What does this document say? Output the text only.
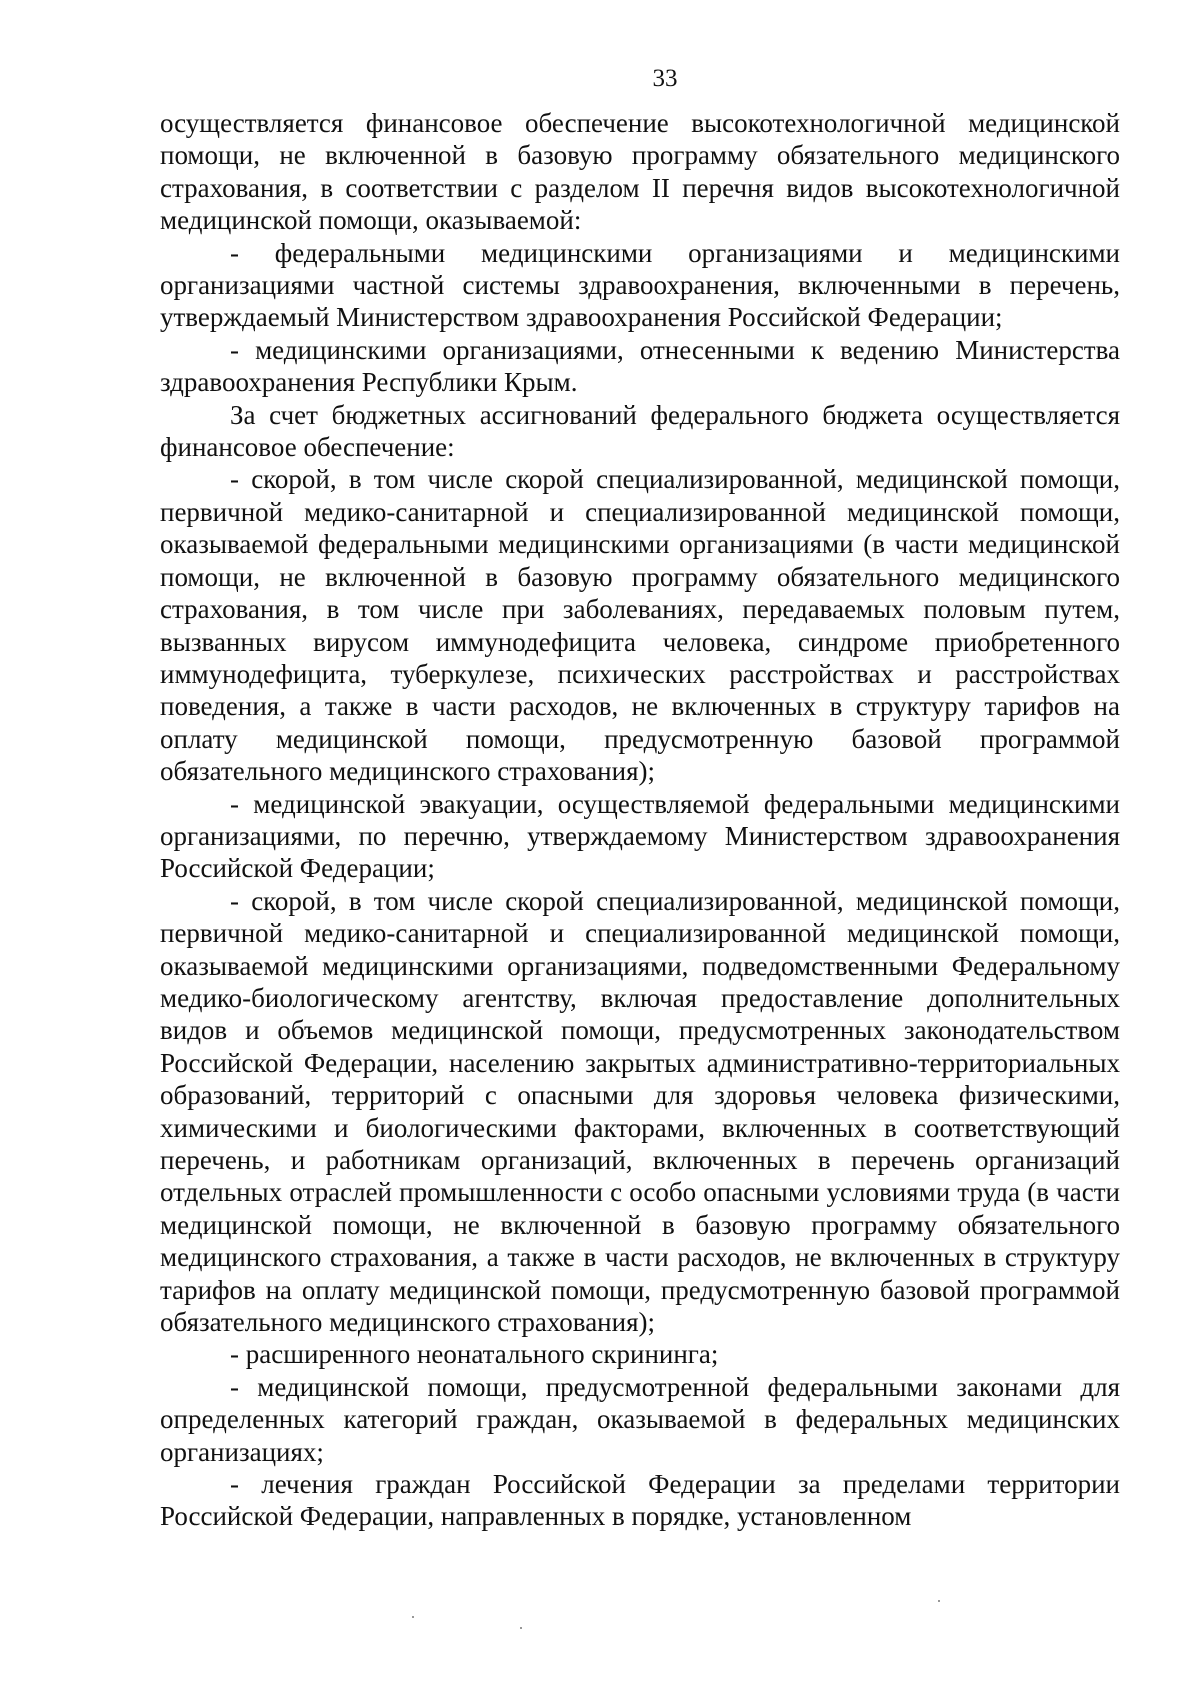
33

осуществляется финансовое обеспечение высокотехнологичной медицинской помощи, не включенной в базовую программу обязательного медицинского страхования, в соответствии с разделом II перечня видов высокотехнологичной медицинской помощи, оказываемой:

- федеральными медицинскими организациями и медицинскими организациями частной системы здравоохранения, включенными в перечень, утверждаемый Министерством здравоохранения Российской Федерации;

- медицинскими организациями, отнесенными к ведению Министерства здравоохранения Республики Крым.

За счет бюджетных ассигнований федерального бюджета осуществляется финансовое обеспечение:

- скорой, в том числе скорой специализированной, медицинской помощи, первичной медико-санитарной и специализированной медицинской помощи, оказываемой федеральными медицинскими организациями (в части медицинской помощи, не включенной в базовую программу обязательного медицинского страхования, в том числе при заболеваниях, передаваемых половым путем, вызванных вирусом иммунодефицита человека, синдроме приобретенного иммунодефицита, туберкулезе, психических расстройствах и расстройствах поведения, а также в части расходов, не включенных в структуру тарифов на оплату медицинской помощи, предусмотренную базовой программой обязательного медицинского страхования);

- медицинской эвакуации, осуществляемой федеральными медицинскими организациями, по перечню, утверждаемому Министерством здравоохранения Российской Федерации;

- скорой, в том числе скорой специализированной, медицинской помощи, первичной медико-санитарной и специализированной медицинской помощи, оказываемой медицинскими организациями, подведомственными Федеральному медико-биологическому агентству, включая предоставление дополнительных видов и объемов медицинской помощи, предусмотренных законодательством Российской Федерации, населению закрытых административно-территориальных образований, территорий с опасными для здоровья человека физическими, химическими и биологическими факторами, включенных в соответствующий перечень, и работникам организаций, включенных в перечень организаций отдельных отраслей промышленности с особо опасными условиями труда (в части медицинской помощи, не включенной в базовую программу обязательного медицинского страхования, а также в части расходов, не включенных в структуру тарифов на оплату медицинской помощи, предусмотренную базовой программой обязательного медицинского страхования);

- расширенного неонатального скрининга;

- медицинской помощи, предусмотренной федеральными законами для определенных категорий граждан, оказываемой в федеральных медицинских организациях;

- лечения граждан Российской Федерации за пределами территории Российской Федерации, направленных в порядке, установленном
